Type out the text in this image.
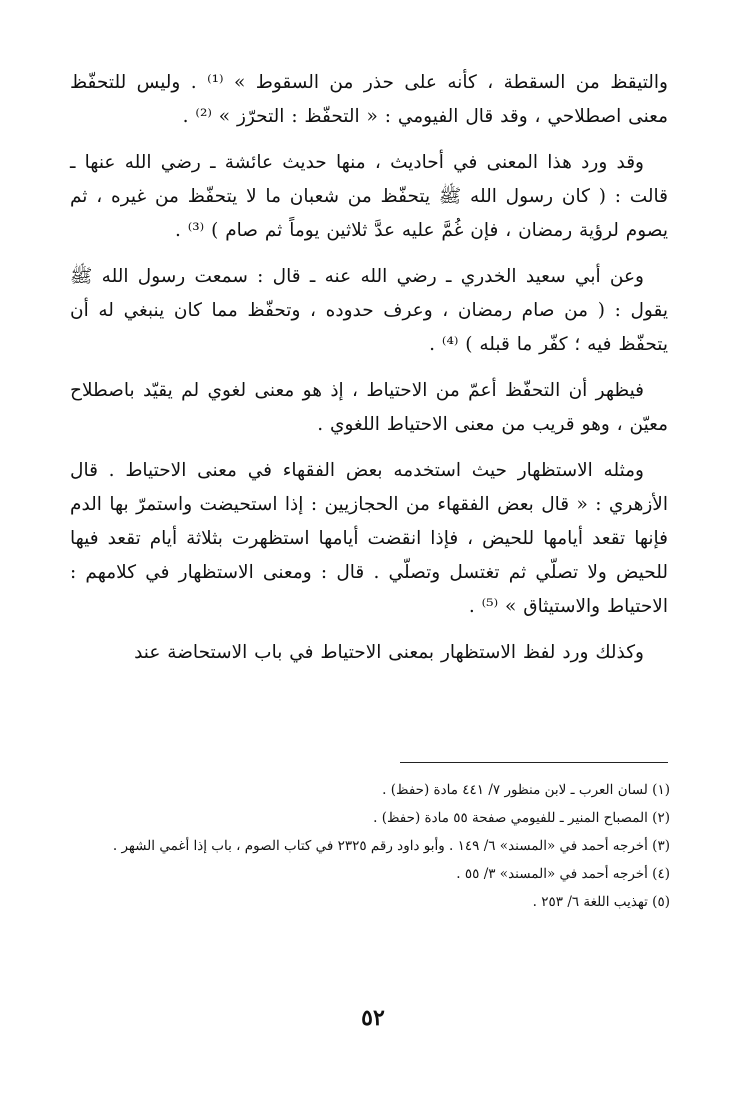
والتيقظ من السقطة ، كأنه على حذر من السقوط » ⁽¹⁾ . وليس للتحفّظ معنى اصطلاحي ، وقد قال الفيومي : « التحفّظ : التحرّز » ⁽²⁾ .

وقد ورد هذا المعنى في أحاديث ، منها حديث عائشة ـ رضي الله عنها ـ قالت : ( كان رسول الله ﷺ يتحفّظ من شعبان ما لا يتحفّظ من غيره ، ثم يصوم لرؤية رمضان ، فإن غُمَّ عليه عدَّ ثلاثين يوماً ثم صام ) ⁽³⁾ .

وعن أبي سعيد الخدري ـ رضي الله عنه ـ قال : سمعت رسول الله ﷺ يقول : ( من صام رمضان ، وعرف حدوده ، وتحفّظ مما كان ينبغي له أن يتحفّظ فيه ؛ كفّر ما قبله ) ⁽⁴⁾ .

فيظهر أن التحفّظ أعمّ من الاحتياط ، إذ هو معنى لغوي لم يقيّد باصطلاح معيّن ، وهو قريب من معنى الاحتياط اللغوي .

ومثله الاستظهار حيث استخدمه بعض الفقهاء في معنى الاحتياط . قال الأزهري : « قال بعض الفقهاء من الحجازيين : إذا استحيضت واستمرّ بها الدم فإنها تقعد أيامها للحيض ، فإذا انقضت أيامها استظهرت بثلاثة أيام تقعد فيها للحيض ولا تصلّي ثم تغتسل وتصلّي . قال : ومعنى الاستظهار في كلامهم : الاحتياط والاستيثاق » ⁽⁵⁾ .

وكذلك ورد لفظ الاستظهار بمعنى الاحتياط في باب الاستحاضة عند

(١) لسان العرب ـ لابن منظور ٧/ ٤٤١ مادة (حفظ) .

(٢) المصباح المنير ـ للفيومي صفحة ٥٥ مادة (حفظ) .

(٣) أخرجه أحمد في «المسند» ٦/ ١٤٩ . وأبو داود رقم ٢٣٢٥ في كتاب الصوم ، باب إذا أغمي الشهر .

(٤) أخرجه أحمد في «المسند» ٣/ ٥٥ .

(٥) تهذيب اللغة ٦/ ٢٥٣ .

٥٢
